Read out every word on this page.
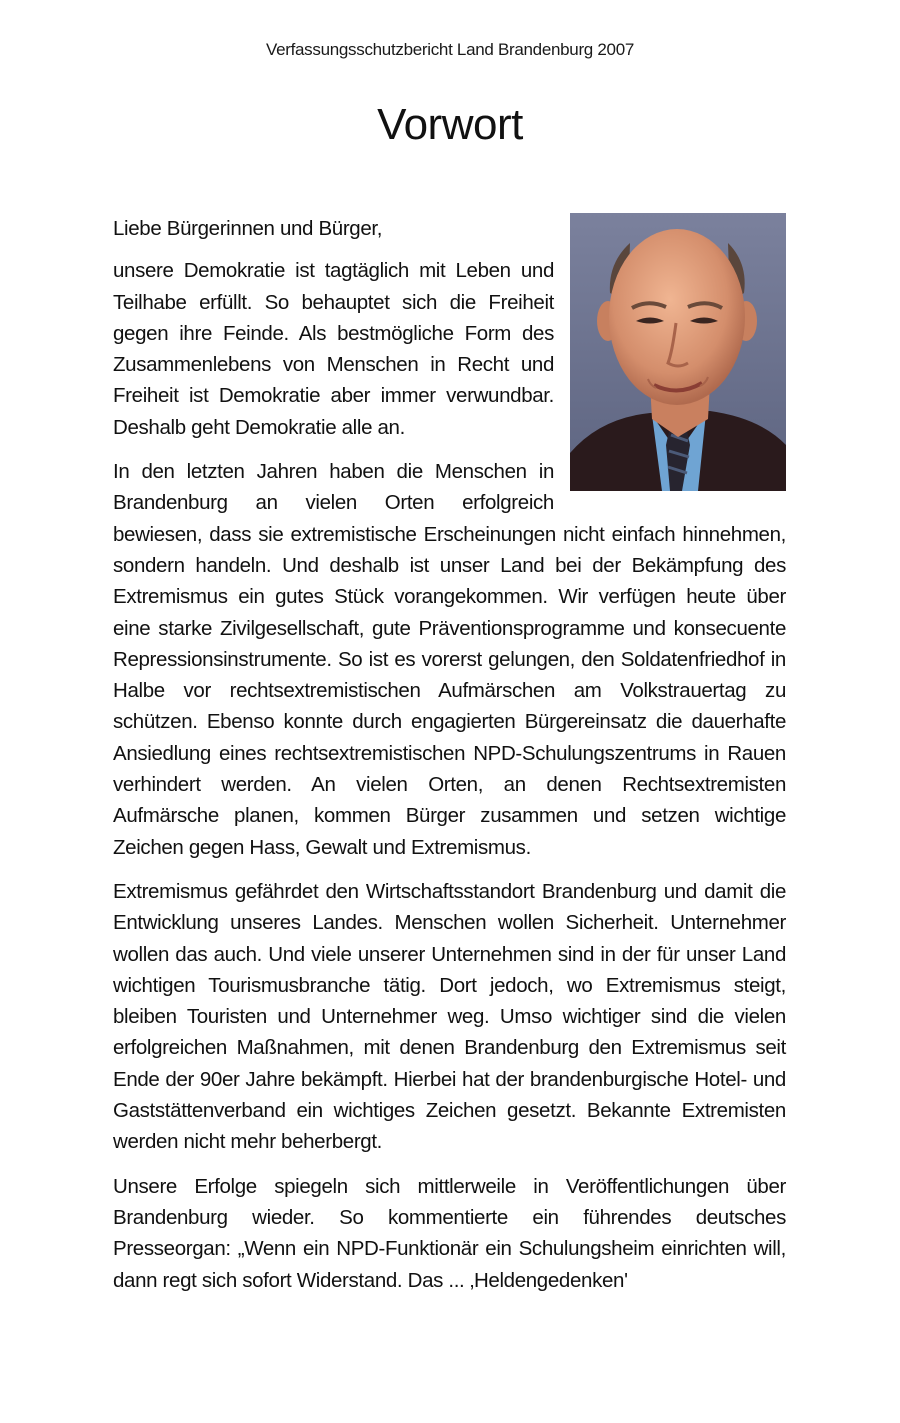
Verfassungsschutzbericht Land Brandenburg 2007
Vorwort

Liebe Bürgerinnen und Bürger,

unsere Demokratie ist tagtäglich mit Leben und Teilhabe erfüllt. So behauptet sich die Freiheit gegen ihre Feinde. Als bestmögliche Form des Zusammenlebens von Menschen in Recht und Freiheit ist Demokratie aber immer verwundbar. Deshalb geht Demokratie alle an.

In den letzten Jahren haben die Menschen in Brandenburg an vielen Orten erfolgreich bewiesen, dass sie extremistische Erscheinungen nicht einfach hinnehmen, sondern handeln. Und deshalb ist unser Land bei der Bekämpfung des Extremismus ein gutes Stück vorangekommen. Wir verfügen heute über eine starke Zivilgesellschaft, gute Präventionsprogramme und konsecuente Repressionsinstrumente. So ist es vorerst gelungen, den Soldatenfriedhof in Halbe vor rechtsextremistischen Aufmärschen am Volkstrauertag zu schützen. Ebenso konnte durch engagierten Bürgereinsatz die dauerhafte Ansiedlung eines rechtsextremistischen NPD-Schulungszentrums in Rauen verhindert werden. An vielen Orten, an denen Rechtsextremisten Aufmärsche planen, kommen Bürger zusammen und setzen wichtige Zeichen gegen Hass, Gewalt und Extremismus.

Extremismus gefährdet den Wirtschaftsstandort Brandenburg und damit die Entwicklung unseres Landes. Menschen wollen Sicherheit. Unternehmer wollen das auch. Und viele unserer Unternehmen sind in der für unser Land wichtigen Tourismusbranche tätig. Dort jedoch, wo Extremismus steigt, bleiben Touristen und Unternehmer weg. Umso wichtiger sind die vielen erfolgreichen Maßnahmen, mit denen Brandenburg den Extremismus seit Ende der 90er Jahre bekämpft. Hierbei hat der brandenburgische Hotel- und Gaststättenverband ein wichtiges Zeichen gesetzt. Bekannte Extremisten werden nicht mehr beherbergt.

Unsere Erfolge spiegeln sich mittlerweile in Veröffentlichungen über Brandenburg wieder. So kommentierte ein führendes deutsches Presseorgan: „Wenn ein NPD-Funktionär ein Schulungsheim einrichten will, dann regt sich sofort Widerstand. Das ... ‚Heldengedenken'
